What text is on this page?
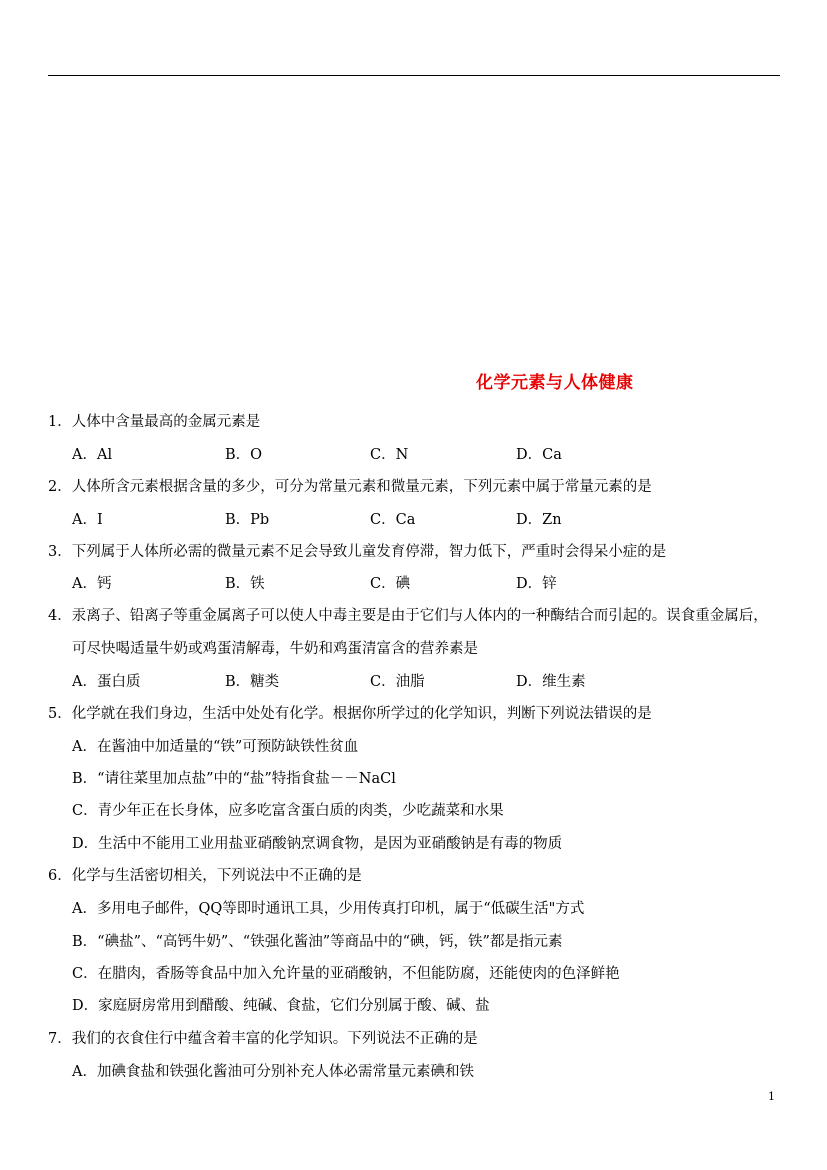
化学元素与人体健康
1．人体中含量最高的金属元素是
A．Al	B．O	C．N	D．Ca
2．人体所含元素根据含量的多少，可分为常量元素和微量元素，下列元素中属于常量元素的是
A．I	B．Pb	C．Ca	D．Zn
3．下列属于人体所必需的微量元素不足会导致儿童发育停滞，智力低下，严重时会得呆小症的是
A．钙	B．铁	C．碘	D．锌
4．汞离子、铅离子等重金属离子可以使人中毒主要是由于它们与人体内的一种酶结合而引起的。误食重金属后，
可尽快喝适量牛奶或鸡蛋清解毒，牛奶和鸡蛋清富含的营养素是
A．蛋白质	B．糖类	C．油脂	D．维生素
5．化学就在我们身边，生活中处处有化学。根据你所学过的化学知识，判断下列说法错误的是
A．在酱油中加适量的“铁”可预防缺铁性贫血
B．“请往菜里加点盐”中的“盐”特指食盐－－NaCl
C．青少年正在长身体，应多吃富含蛋白质的肉类，少吃蔬菜和水果
D．生活中不能用工业用盐亚硝酸钠烹调食物，是因为亚硝酸钠是有毒的物质
6．化学与生活密切相关，下列说法中不正确的是
A．多用电子邮件，QQ等即时通讯工具，少用传真打印机，属于“低碳生活"方式
B．“碘盐”、“高钙牛奶”、“铁强化酱油”等商品中的“碘，钙，铁”都是指元素
C．在腊肉，香肠等食品中加入允许量的亚硝酸钠，不但能防腐，还能使肉的色泽鲜艳
D．家庭厨房常用到醋酸、纯碱、食盐，它们分别属于酸、碱、盐
7．我们的衣食住行中蕴含着丰富的化学知识。下列说法不正确的是
A．加碘食盐和铁强化酱油可分别补充人体必需常量元素碘和铁
1
